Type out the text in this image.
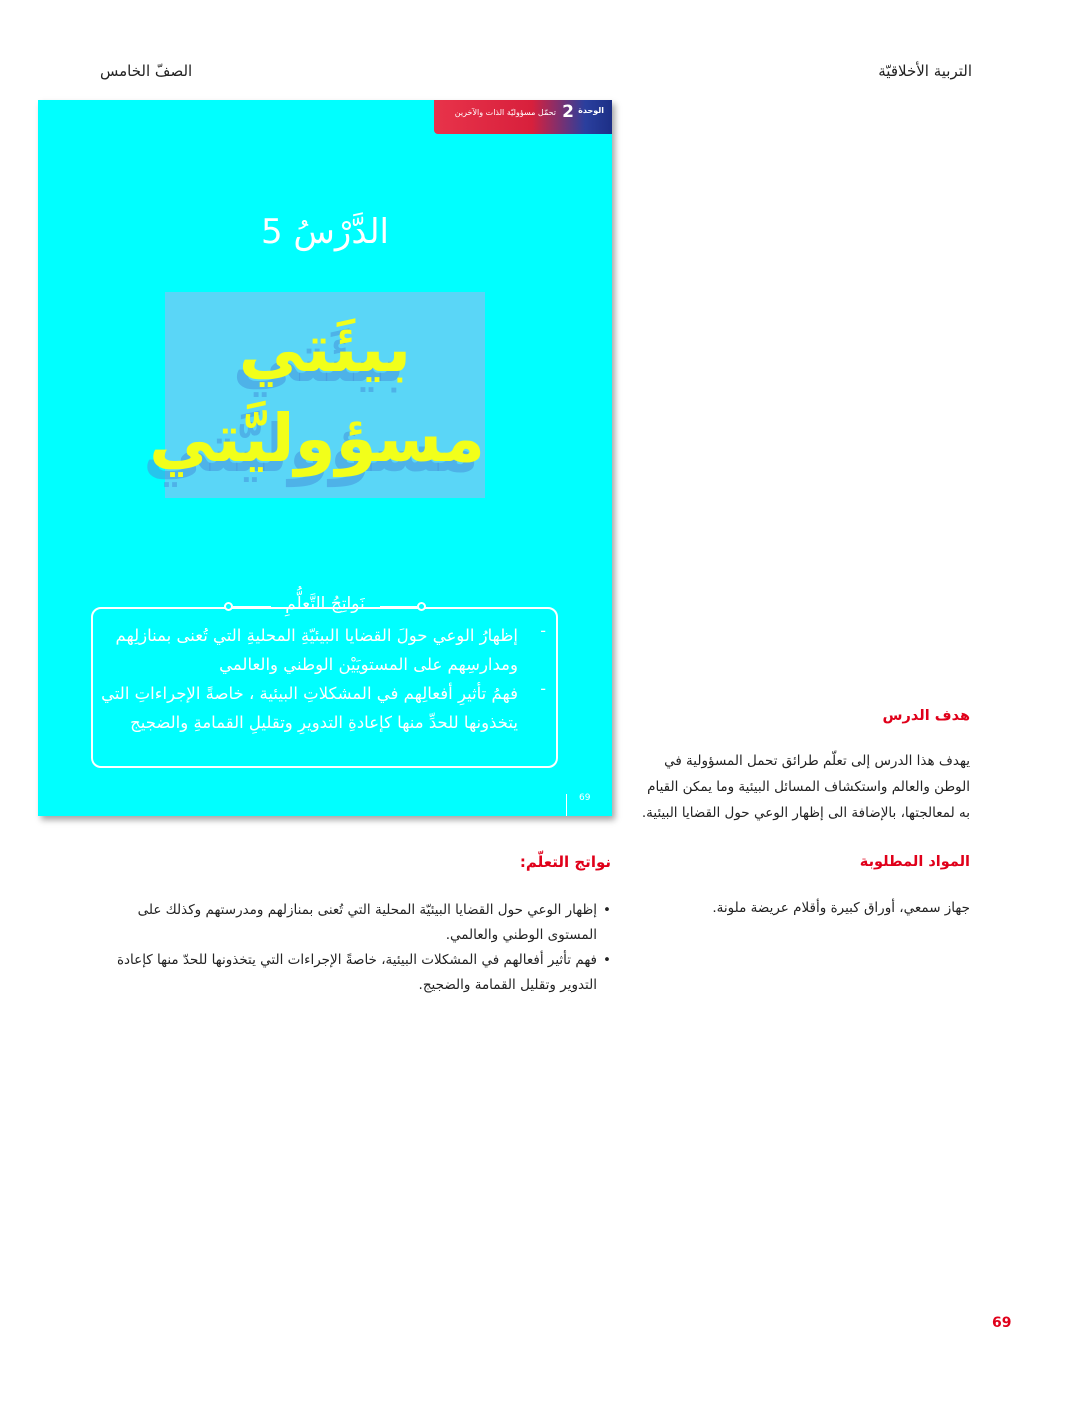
التربية الأخلاقيّة
الصفّ الخامس
الوحدة
2
تحمّل مسؤوليّة الذات والآخرين
الدَّرْسُ 5
بيئَتي
مسؤوليَّتي
نَواتِجُ التَّعلُّمِ
-
إظهارُ الوعي حولَ القضايا البيئيّةِ المحليةِ التي تُعنى بمنازلِهم ومدارسِهم على المستويَيْن الوطني والعالمي
-
فهمُ تأثيرِ أفعالِهم في المشكلاتِ البيئية ، خاصةً الإجراءاتِ التي يتخذونها للحدِّ منها كإعادةِ التدويرِ وتقليلِ القمامةِ والضجيج
69
هدف الدرس
يهدف هذا الدرس إلى تعلّم طرائق تحمل المسؤولية في الوطن والعالم واستكشاف المسائل البيئية وما يمكن القيام به لمعالجتها، بالإضافة الى إظهار الوعي حول القضايا البيئية.
المواد المطلوبة
جهاز سمعي، أوراق كبيرة وأقلام عريضة ملونة.
نواتج التعلّم:
• إظهار الوعي حول القضايا البيئيّة المحلية التي تُعنى بمنازلهم ومدرستهم وكذلك على المستوى الوطني والعالمي.
• فهم تأثير أفعالهم في المشكلات البيئية، خاصةً الإجراءات التي يتخذونها للحدّ منها كإعادة التدوير وتقليل القمامة والضجيج.
69
